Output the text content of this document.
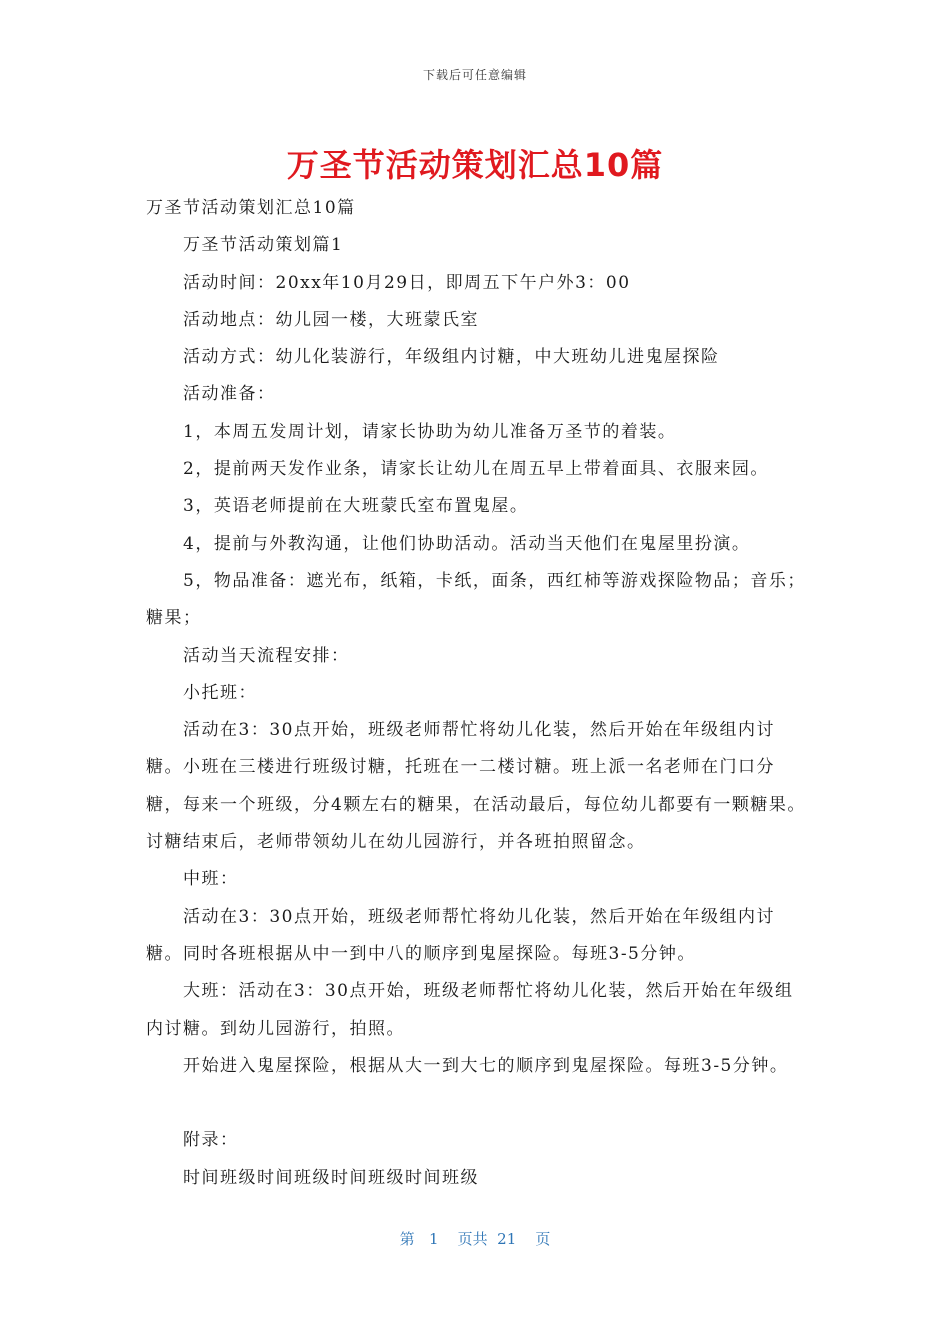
下载后可任意编辑
万圣节活动策划汇总10篇

万圣节活动策划汇总10篇

万圣节活动策划篇1

活动时间：20xx年10月29日，即周五下午户外3：00

活动地点：幼儿园一楼，大班蒙氏室

活动方式：幼儿化装游行，年级组内讨糖，中大班幼儿进鬼屋探险

活动准备：

1，本周五发周计划，请家长协助为幼儿准备万圣节的着装。

2，提前两天发作业条，请家长让幼儿在周五早上带着面具、衣服来园。

3，英语老师提前在大班蒙氏室布置鬼屋。

4，提前与外教沟通，让他们协助活动。活动当天他们在鬼屋里扮演。

5，物品准备：遮光布，纸箱，卡纸，面条，西红柿等游戏探险物品；音乐；糖果；

活动当天流程安排：

小托班：

活动在3：30点开始，班级老师帮忙将幼儿化装，然后开始在年级组内讨糖。小班在三楼进行班级讨糖，托班在一二楼讨糖。班上派一名老师在门口分糖，每来一个班级，分4颗左右的糖果，在活动最后，每位幼儿都要有一颗糖果。讨糖结束后，老师带领幼儿在幼儿园游行，并各班拍照留念。

中班：

活动在3：30点开始，班级老师帮忙将幼儿化装，然后开始在年级组内讨糖。同时各班根据从中一到中八的顺序到鬼屋探险。每班3-5分钟。

大班：活动在3：30点开始，班级老师帮忙将幼儿化装，然后开始在年级组内讨糖。到幼儿园游行，拍照。

开始进入鬼屋探险，根据从大一到大七的顺序到鬼屋探险。每班3-5分钟。

附录：

时间班级时间班级时间班级时间班级

第 1 页共 21 页
